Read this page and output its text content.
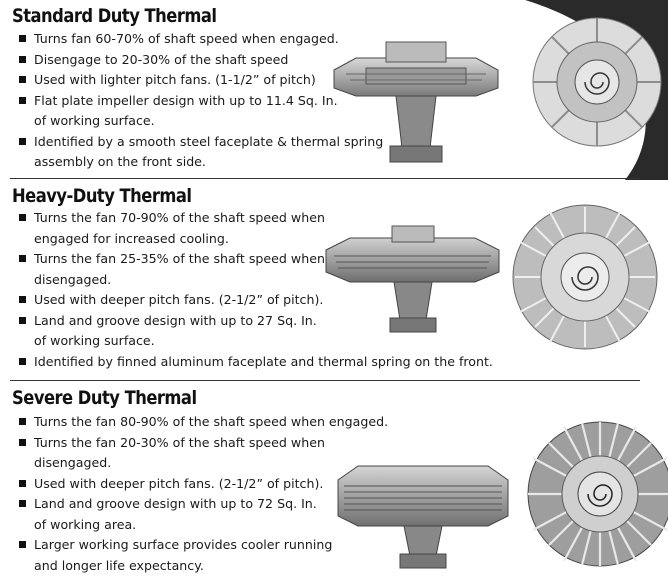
Standard Duty Thermal
Turns fan 60-70% of shaft speed when engaged.
Disengage to 20-30% of the shaft speed
Used with lighter pitch fans. (1-1/2” of pitch)
Flat plate impeller design with up to 11.4 Sq. In.
of working surface.
Identified by a smooth steel faceplate & thermal spring
assembly on the front side.
Heavy-Duty Thermal
Turns the fan 70-90% of the shaft speed when
engaged for increased cooling.
Turns the fan 25-35% of the shaft speed when
disengaged.
Used with deeper pitch fans. (2-1/2” of pitch).
Land and groove design with up to 27 Sq. In.
of working surface.
Identified by finned aluminum faceplate and thermal spring on the front.
Severe Duty Thermal
Turns the fan 80-90% of the shaft speed when engaged.
Turns the fan 20-30% of the shaft speed when
disengaged.
Used with deeper pitch fans. (2-1/2” of pitch).
Land and groove design with up to 72 Sq. In.
of working area.
Larger working surface provides cooler running
and longer life expectancy.
